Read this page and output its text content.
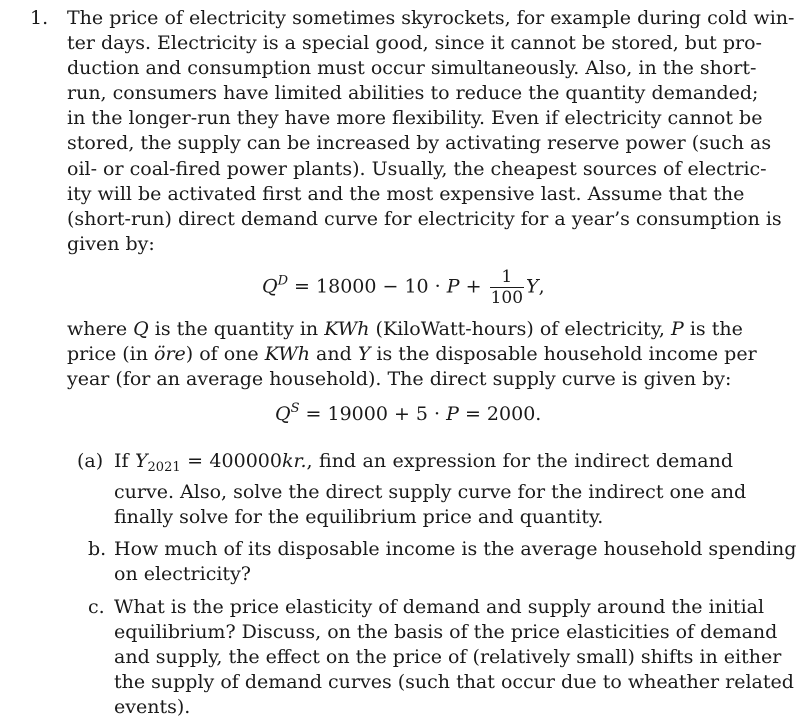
1. The price of electricity sometimes skyrockets, for example during cold win-
ter days. Electricity is a special good, since it cannot be stored, but pro-
duction and consumption must occur simultaneously. Also, in the short-
run, consumers have limited abilities to reduce the quantity demanded;
in the longer-run they have more flexibility. Even if electricity cannot be
stored, the supply can be increased by activating reserve power (such as
oil- or coal-fired power plants). Usually, the cheapest sources of electric-
ity will be activated first and the most expensive last. Assume that the
(short-run) direct demand curve for electricity for a year’s consumption is
given by:
$Q^D = 18000 - 10 \cdot P + \frac{1}{100} Y$,
where Q is the quantity in KWh (KiloWatt-hours) of electricity, P is the
price (in öre) of one KWh and Y is the disposable household income per
year (for an average household). The direct supply curve is given by:
$Q^S = 19000 + 5 \cdot P = 2000$.
(a) If $Y_{2021} = 400000kr$., find an expression for the indirect demand
curve. Also, solve the direct supply curve for the indirect one and
finally solve for the equilibrium price and quantity.
b. How much of its disposable income is the average household spending
on electricity?
c. What is the price elasticity of demand and supply around the initial
equilibrium? Discuss, on the basis of the price elasticities of demand
and supply, the effect on the price of (relatively small) shifts in either
the supply of demand curves (such that occur due to wheather related
events).
